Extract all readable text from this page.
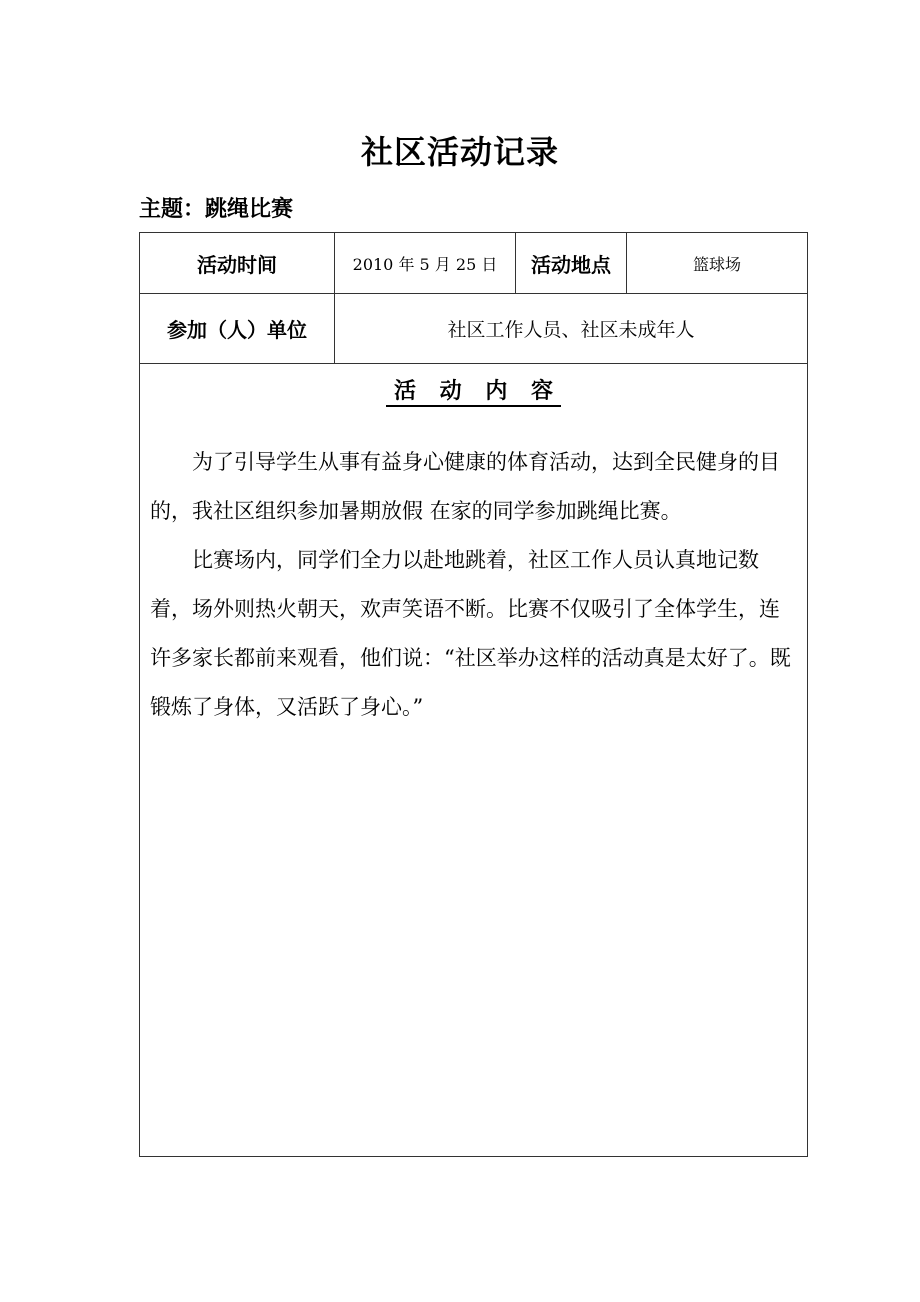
社区活动记录
主题：跳绳比赛
活动时间	2010 年 5 月 25 日	活动地点	篮球场
参加（人）单位	社区工作人员、社区未成年人		

活 动 内 容

为了引导学生从事有益身心健康的体育活动，达到全民健身的目的，我社区组织参加暑期放假 在家的同学参加跳绳比赛。

比赛场内，同学们全力以赴地跳着，社区工作人员认真地记数着，场外则热火朝天，欢声笑语不断。比赛不仅吸引了全体学生，连许多家长都前来观看，他们说：“社区举办这样的活动真是太好了。既锻炼了身体，又活跃了身心。”			
